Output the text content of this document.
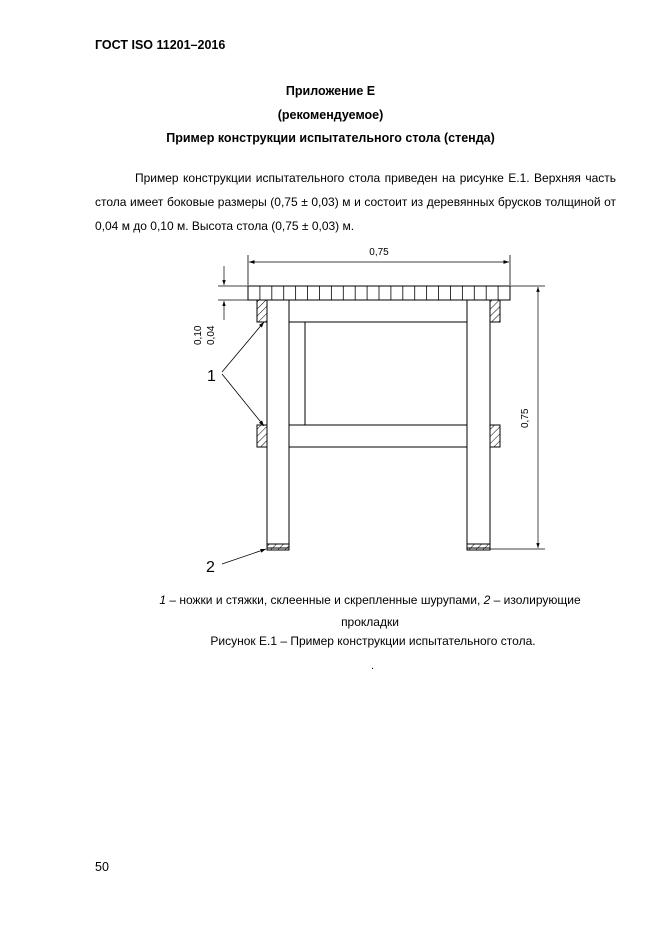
ГОСТ ISO 11201–2016
Приложение Е
(рекомендуемое)
Пример конструкции испытательного стола (стенда)

Пример конструкции испытательного стола приведен на рисунке Е.1. Верхняя часть стола имеет боковые размеры (0,75 ± 0,03) м и состоит из деревянных брусков толщиной от 0,04 м до 0,10 м. Высота стола (0,75 ± 0,03) м.

0,75
0,10 0,04
0,75
1
2
1 – ножки и стяжки, склеенные и скрепленные шурупами, 2 – изолирующие прокладки
Рисунок Е.1 – Пример конструкции испытательного стола.
.
50
